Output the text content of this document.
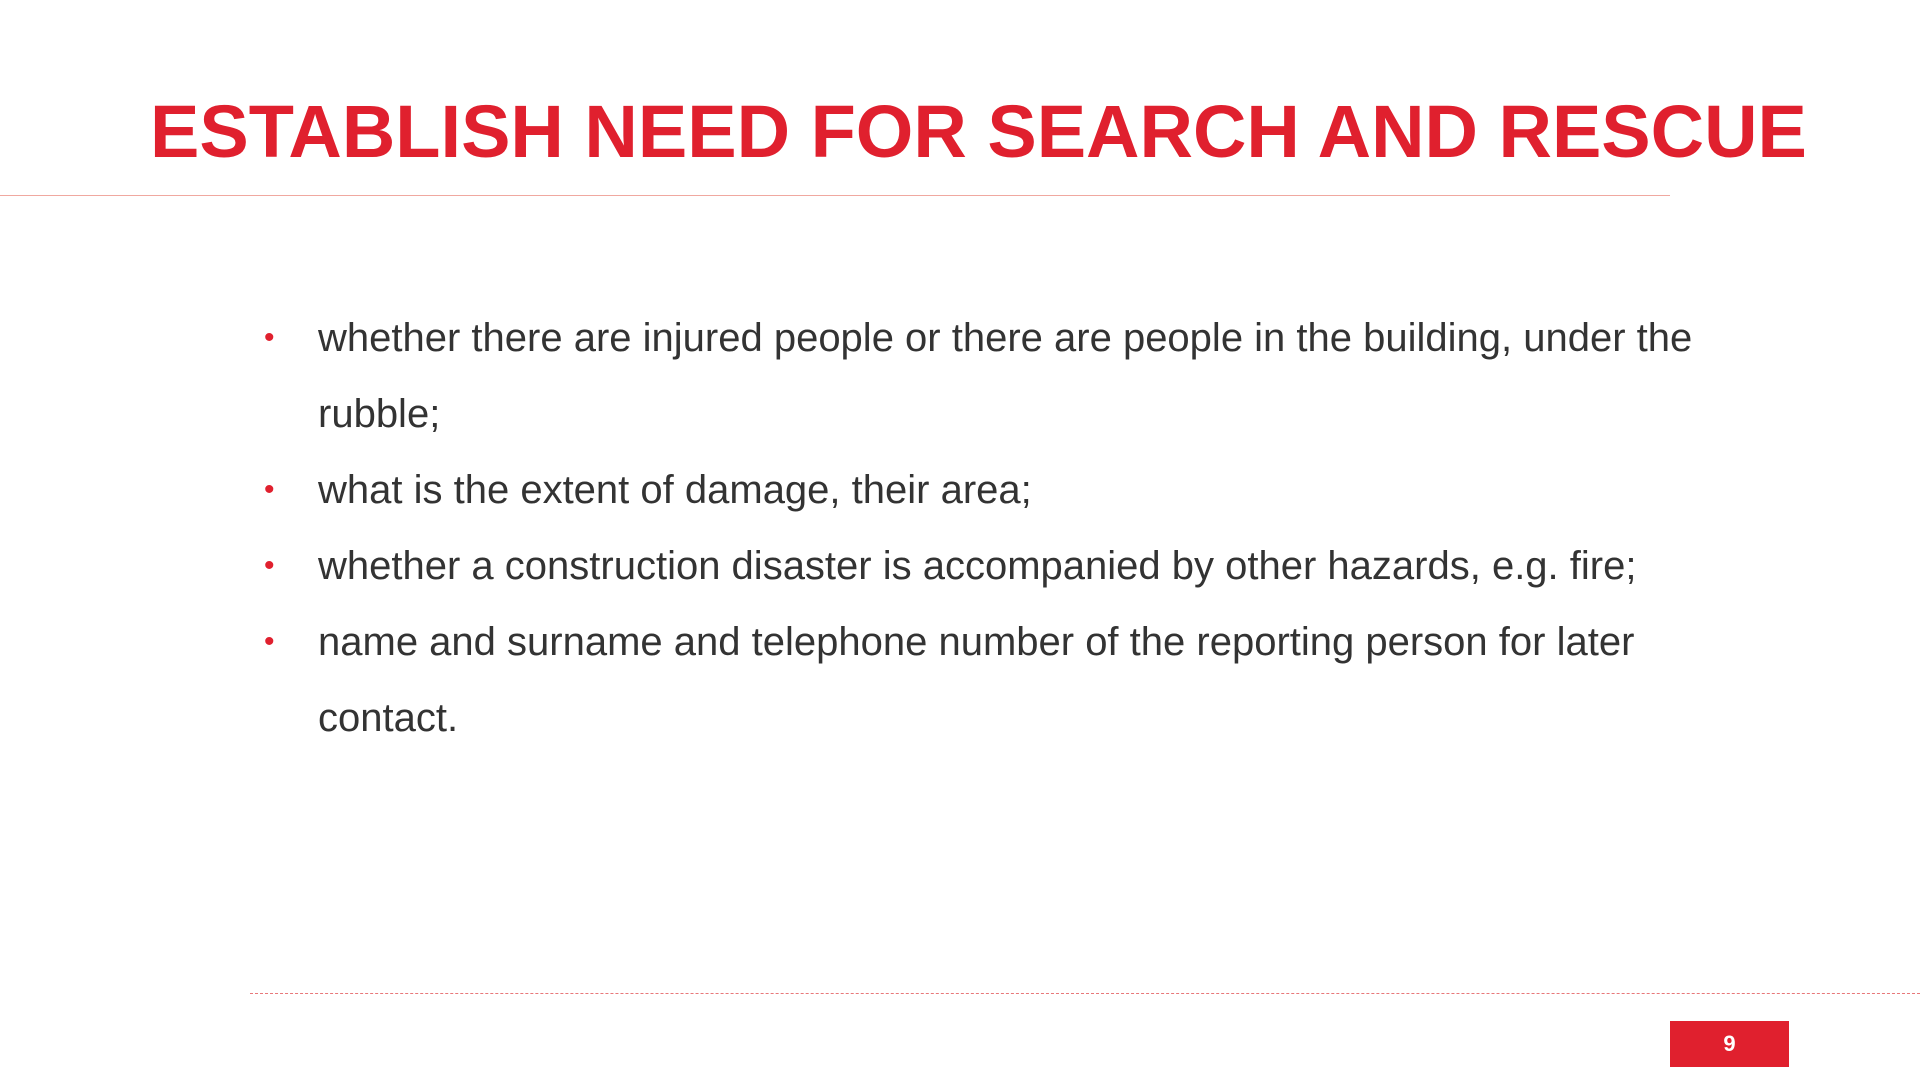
ESTABLISH NEED FOR SEARCH AND RESCUE
• whether there are injured people or there are people in the building, under the rubble;
• what is the extent of damage, their area;
• whether a construction disaster is accompanied by other hazards, e.g. fire;
• name and surname and telephone number of the reporting person for later contact.
9
